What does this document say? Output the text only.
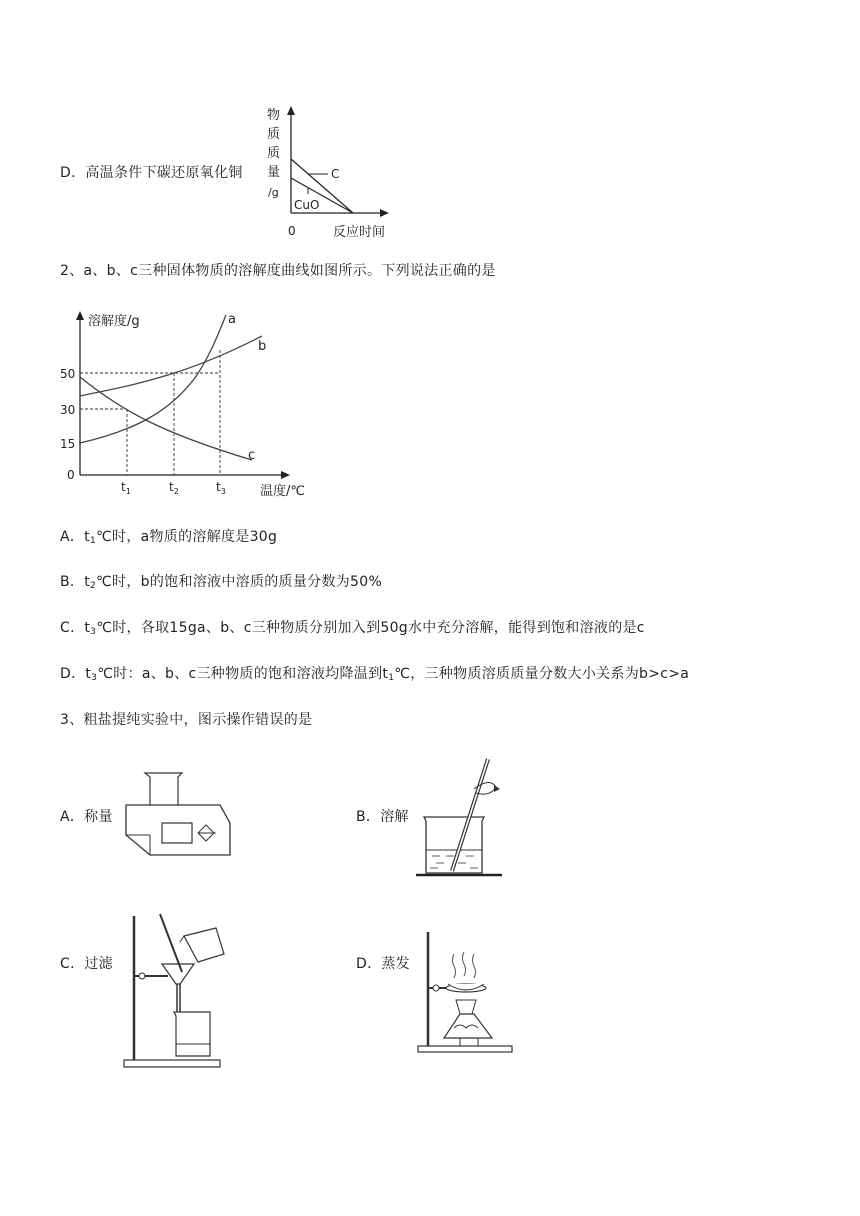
D．高温条件下碳还原氧化铜
物
质
质
量
/g
C
CuO
0	反应时间
2、a、b、c三种固体物质的溶解度曲线如图所示。下列说法正确的是
溶解度/g
温度/℃
0
15
30
50
$t_1$	$t_2$	$t_3$
a
b
c
A．$t_1℃$时，a物质的溶解度是30g
B．$t_2℃$时，b的饱和溶液中溶质的质量分数为50%
C．$t_3℃$时，各取15ga、b、c三种物质分别加入到50g水中充分溶解，能得到饱和溶液的是c
D．$t_3℃$时：a、b、c三种物质的饱和溶液均降温到$t_1℃$，三种物质溶质质量分数大小关系为b>c>a
3、粗盐提纯实验中，图示操作错误的是
A．称量	B．溶解
C．过滤	D．蒸发
